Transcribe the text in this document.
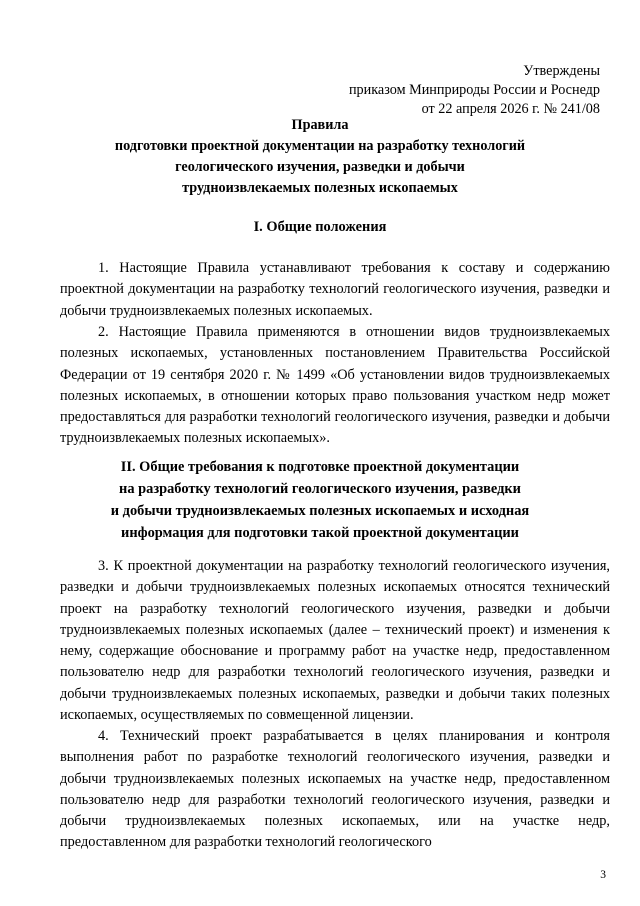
Утверждены
приказом Минприроды России и Роснедр
от 22 апреля 2026 г. № 241/08
Правила
подготовки проектной документации на разработку технологий
геологического изучения, разведки и добычи
трудноизвлекаемых полезных ископаемых
I. Общие положения

1. Настоящие Правила устанавливают требования к составу и содержанию проектной документации на разработку технологий геологического изучения, разведки и добычи трудноизвлекаемых полезных ископаемых.

2. Настоящие Правила применяются в отношении видов трудноизвлекаемых полезных ископаемых, установленных постановлением Правительства Российской Федерации от 19 сентября 2020 г. № 1499 «Об установлении видов трудноизвлекаемых полезных ископаемых, в отношении которых право пользования участком недр может предоставляться для разработки технологий геологического изучения, разведки и добычи трудноизвлекаемых полезных ископаемых».

II. Общие требования к подготовке проектной документации
на разработку технологий геологического изучения, разведки
и добычи трудноизвлекаемых полезных ископаемых и исходная
информация для подготовки такой проектной документации

3. К проектной документации на разработку технологий геологического изучения, разведки и добычи трудноизвлекаемых полезных ископаемых относятся технический проект на разработку технологий геологического изучения, разведки и добычи трудноизвлекаемых полезных ископаемых (далее – технический проект) и изменения к нему, содержащие обоснование и программу работ на участке недр, предоставленном пользователю недр для разработки технологий геологического изучения, разведки и добычи трудноизвлекаемых полезных ископаемых, разведки и добычи таких полезных ископаемых, осуществляемых по совмещенной лицензии.

4. Технический проект разрабатывается в целях планирования и контроля выполнения работ по разработке технологий геологического изучения, разведки и добычи трудноизвлекаемых полезных ископаемых на участке недр, предоставленном пользователю недр для разработки технологий геологического изучения, разведки и добычи трудноизвлекаемых полезных ископаемых, или на участке недр, предоставленном для разработки технологий геологического

3
